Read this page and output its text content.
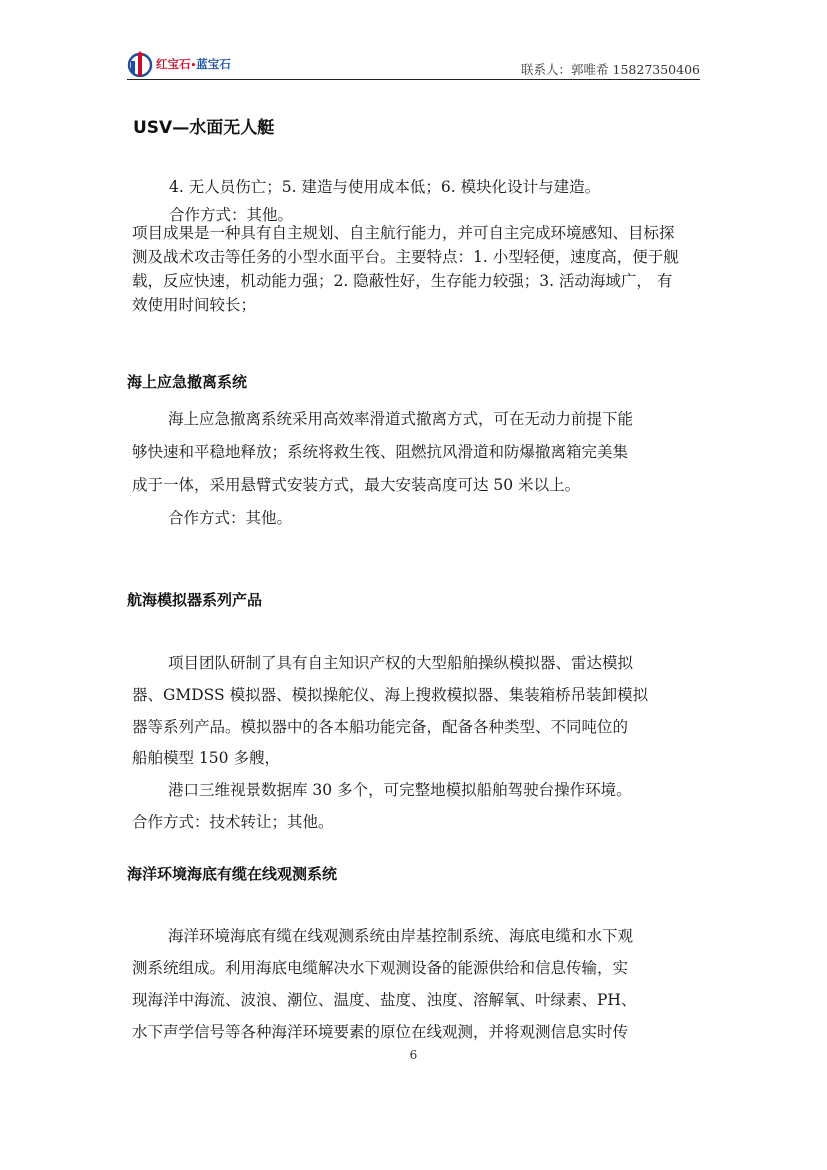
红宝石•蓝宝石	联系人：郭唯希 15827350406
USV—水面无人艇
4. 无人员伤亡；5. 建造与使用成本低；6. 模块化设计与建造。
合作方式：其他。
项目成果是一种具有自主规划、自主航行能力，并可自主完成环境感知、目标探
测及战术攻击等任务的小型水面平台。主要特点：1. 小型轻便，速度高，便于舰
载，反应快速，机动能力强；2. 隐蔽性好，生存能力较强；3. 活动海域广， 有
效使用时间较长；
海上应急撤离系统
海上应急撤离系统采用高效率滑道式撤离方式，可在无动力前提下能
够快速和平稳地释放；系统将救生筏、阻燃抗风滑道和防爆撤离箱完美集
成于一体，采用悬臂式安装方式，最大安装高度可达 50 米以上。
合作方式：其他。
航海模拟器系列产品
项目团队研制了具有自主知识产权的大型船舶操纵模拟器、雷达模拟
器、GMDSS 模拟器、模拟操舵仪、海上搜救模拟器、集装箱桥吊装卸模拟
器等系列产品。模拟器中的各本船功能完备，配备各种类型、不同吨位的
船舶模型 150 多艘，
港口三维视景数据库 30 多个，可完整地模拟船舶驾驶台操作环境。
合作方式：技术转让；其他。
海洋环境海底有缆在线观测系统
海洋环境海底有缆在线观测系统由岸基控制系统、海底电缆和水下观
测系统组成。利用海底电缆解决水下观测设备的能源供给和信息传输，实
现海洋中海流、波浪、潮位、温度、盐度、浊度、溶解氧、叶绿素、PH、
水下声学信号等各种海洋环境要素的原位在线观测，并将观测信息实时传
6
